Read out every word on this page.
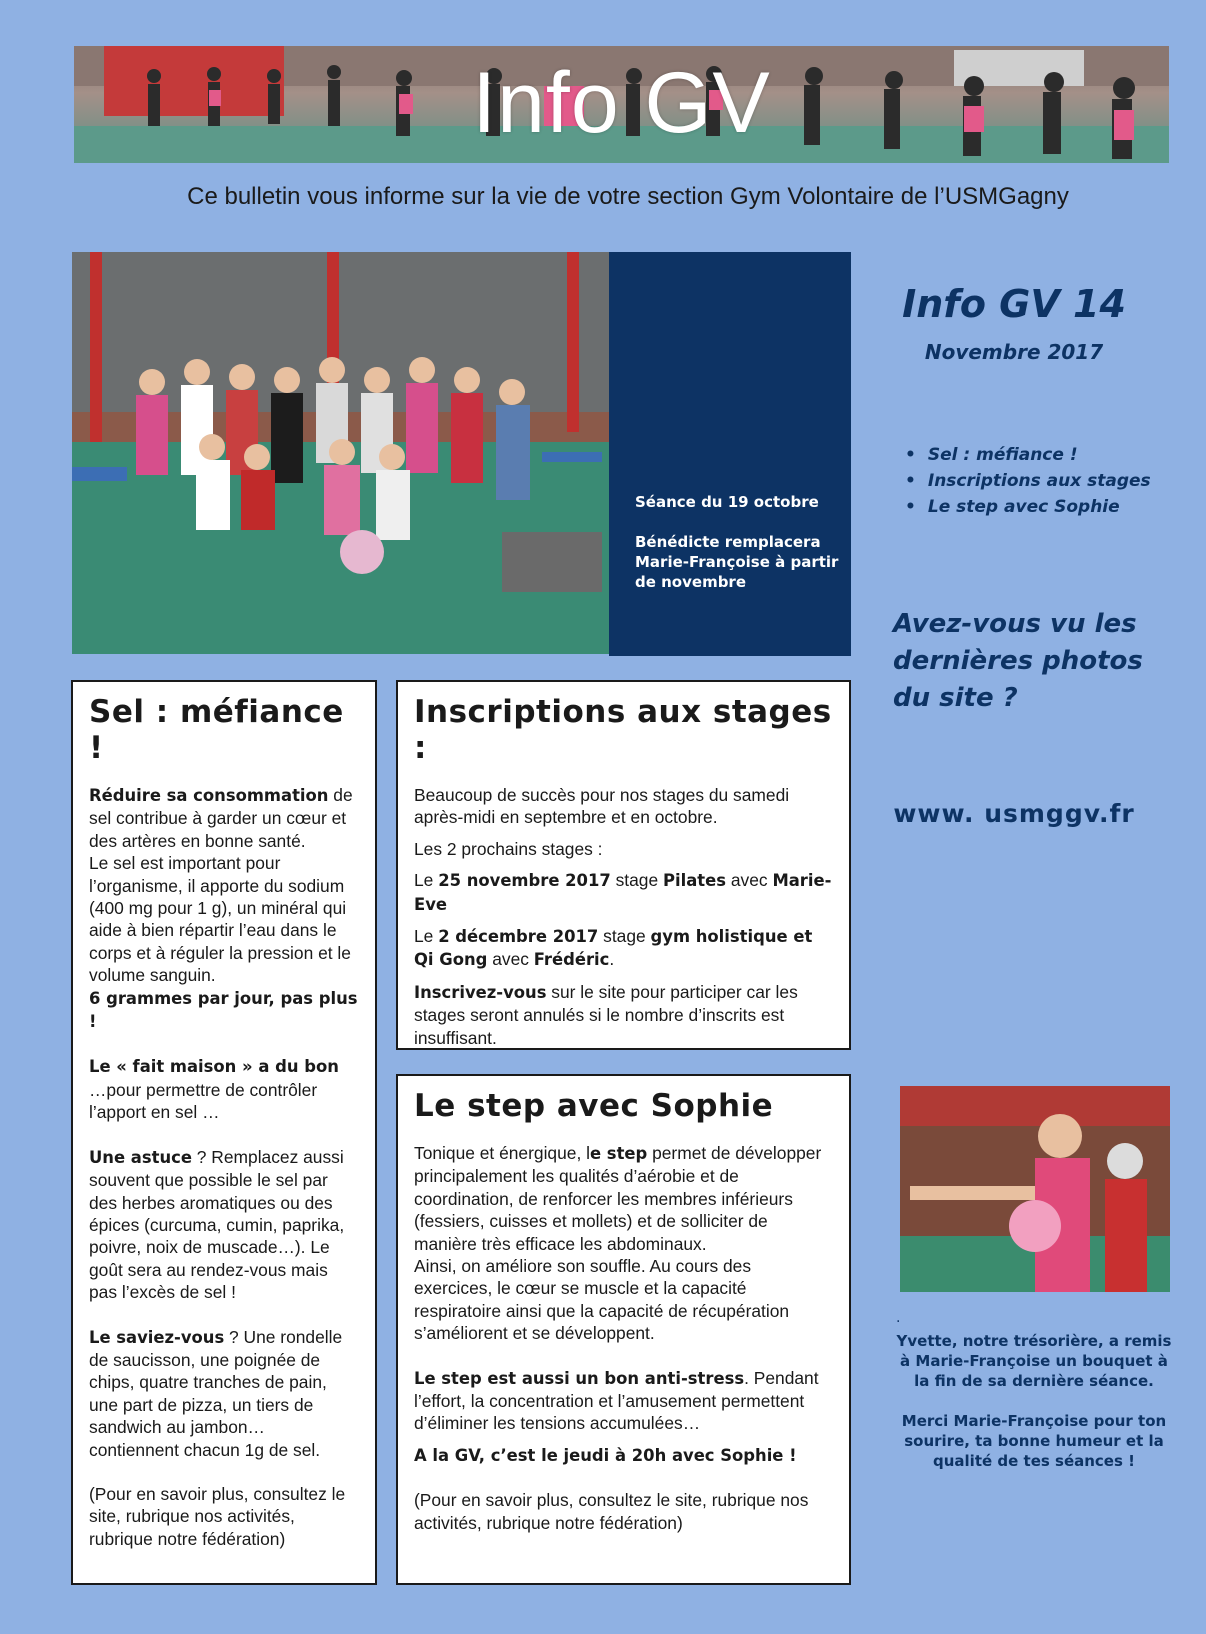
Info GV
Ce bulletin vous informe sur la vie de votre section Gym Volontaire de l’USMGagny

Séance du 19 octobre

Bénédicte remplacera Marie-Françoise à partir de novembre

Info GV 14
Novembre 2017
• Sel : méfiance !
• Inscriptions aux stages
• Le step avec Sophie
Avez-vous vu les dernières photos du site ?
www. usmggv.fr
.

Yvette, notre trésorière, a remis à Marie-Françoise un bouquet à la fin de sa dernière séance.

Merci Marie-Françoise pour ton sourire, ta bonne humeur et la qualité de tes séances !

Sel : méfiance !

Réduire sa consommation de sel contribue à garder un cœur et des artères en bonne santé.

Le sel est important pour l’organisme, il apporte du sodium (400 mg pour 1 g), un minéral qui aide à bien répartir l’eau dans le corps et à réguler la pression et le volume sanguin.

6 grammes par jour, pas plus !

Le « fait maison » a du bon

…pour permettre de contrôler l’apport en sel …

Une astuce ? Remplacez aussi souvent que possible le sel par des herbes aromatiques ou des épices (curcuma, cumin, paprika, poivre, noix de muscade…). Le goût sera au rendez-vous mais pas l’excès de sel !

Le saviez-vous ? Une rondelle de saucisson, une poignée de chips, quatre tranches de pain, une part de pizza, un tiers de sandwich au jambon… contiennent chacun 1g de sel.

(Pour en savoir plus, consultez le site, rubrique nos activités, rubrique notre fédération)

Inscriptions aux stages :

Beaucoup de succès pour nos stages du samedi après-midi en septembre et en octobre.

Les 2 prochains stages :

Le 25 novembre 2017 stage Pilates avec Marie-Eve

Le 2 décembre 2017 stage gym holistique et Qi Gong avec Frédéric.

Inscrivez-vous sur le site pour participer car les stages seront annulés si le nombre d’inscrits est insuffisant.

Le step avec Sophie

Tonique et énergique, le step permet de développer principalement les qualités d’aérobie et de coordination, de renforcer les membres inférieurs (fessiers, cuisses et mollets) et de solliciter de manière très efficace les abdominaux.

Ainsi, on améliore son souffle. Au cours des exercices, le cœur se muscle et la capacité respiratoire ainsi que la capacité de récupération s’améliorent et se développent.

Le step est aussi un bon anti-stress. Pendant l’effort, la concentration et l’amusement permettent d’éliminer les tensions accumulées…

A la GV, c’est le jeudi à 20h avec Sophie !

(Pour en savoir plus, consultez le site, rubrique nos activités, rubrique notre fédération)
